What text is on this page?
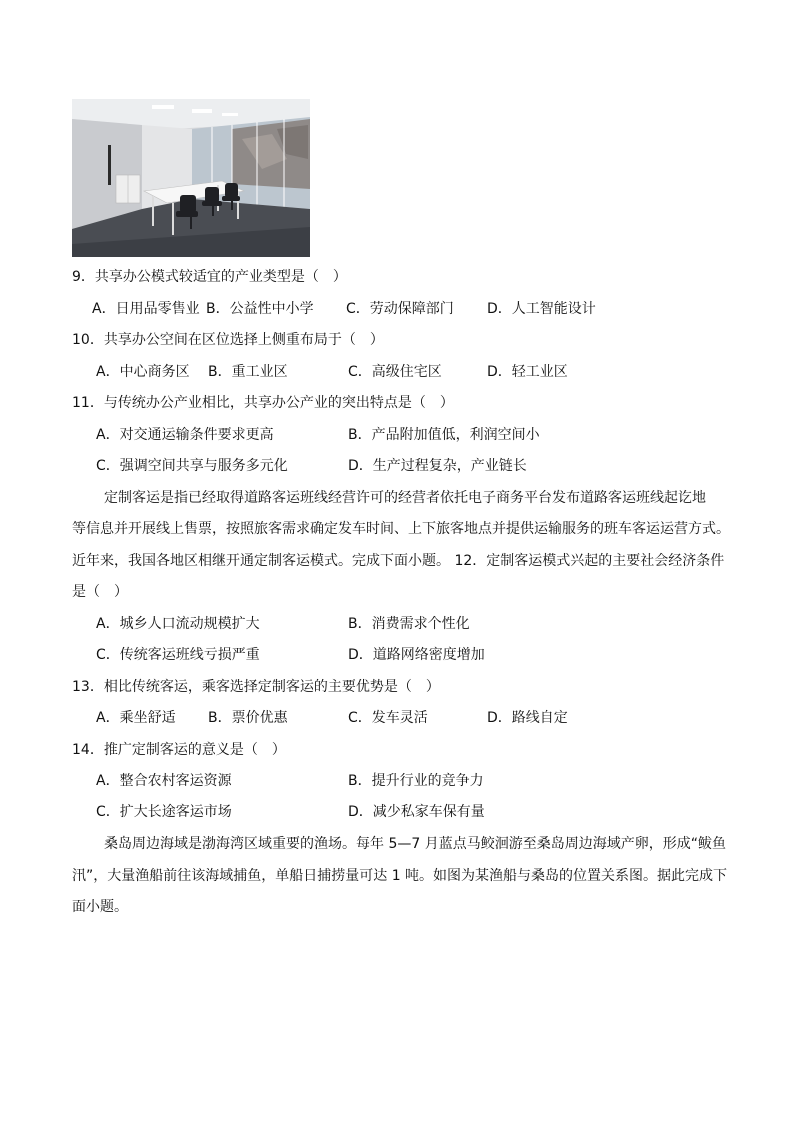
9．共享办公模式较适宜的产业类型是（　）
A．日用品零售业 B．公益性中小学 C．劳动保障部门 D．人工智能设计
10．共享办公空间在区位选择上侧重布局于（　）
A．中心商务区 B．重工业区	C．高级住宅区	D．轻工业区
11．与传统办公产业相比，共享办公产业的突出特点是（　）
A．对交通运输条件要求更高	B．产品附加值低，利润空间小
C．强调空间共享与服务多元化	D．生产过程复杂，产业链长
定制客运是指已经取得道路客运班线经营许可的经营者依托电子商务平台发布道路客运班线起讫地
等信息并开展线上售票，按照旅客需求确定发车时间、上下旅客地点并提供运输服务的班车客运运营方式。
近年来，我国各地区相继开通定制客运模式。完成下面小题。 12．定制客运模式兴起的主要社会经济条件
是（　）
A．城乡人口流动规模扩大	B．消费需求个性化
C．传统客运班线亏损严重	D．道路网络密度增加
13．相比传统客运，乘客选择定制客运的主要优势是（　）
A．乘坐舒适 B．票价优惠	C．发车灵活	D．路线自定
14．推广定制客运的意义是（　）
A．整合农村客运资源	B．提升行业的竞争力
C．扩大长途客运市场	D．减少私家车保有量
桑岛周边海域是渤海湾区域重要的渔场。每年 5—7 月蓝点马鲛洄游至桑岛周边海域产卵，形成“鲅鱼
汛”，大量渔船前往该海域捕鱼，单船日捕捞量可达 1 吨。如图为某渔船与桑岛的位置关系图。据此完成下
面小题。
